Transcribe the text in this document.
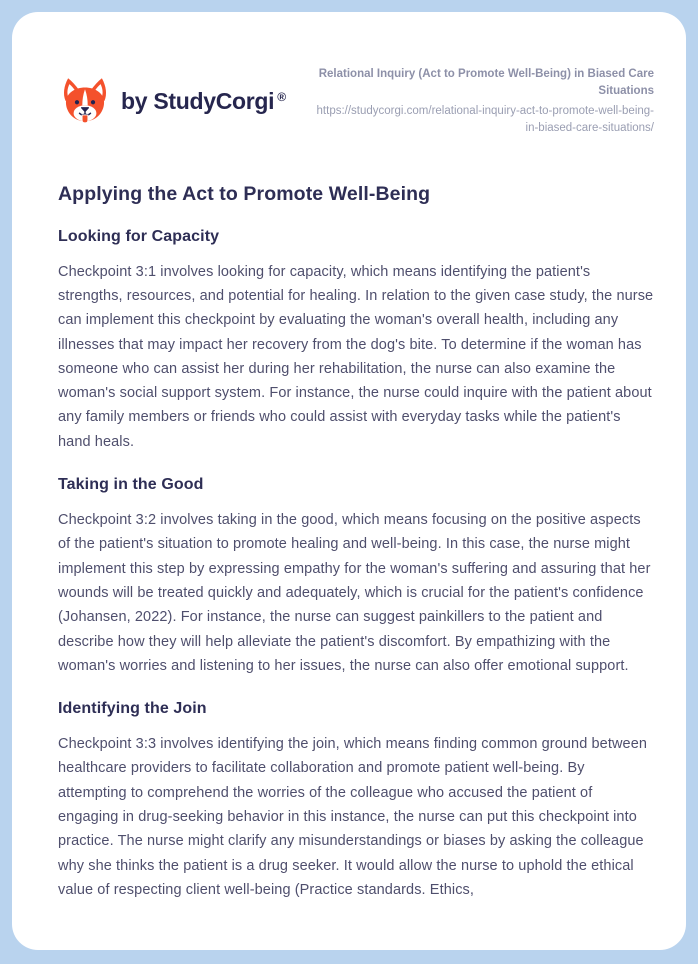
by StudyCorgi ®
Relational Inquiry (Act to Promote Well-Being) in Biased Care Situations
https://studycorgi.com/relational-inquiry-act-to-promote-well-being-in-biased-care-situations/
Applying the Act to Promote Well-Being
Looking for Capacity

Checkpoint 3:1 involves looking for capacity, which means identifying the patient's strengths, resources, and potential for healing. In relation to the given case study, the nurse can implement this checkpoint by evaluating the woman's overall health, including any illnesses that may impact her recovery from the dog's bite. To determine if the woman has someone who can assist her during her rehabilitation, the nurse can also examine the woman's social support system. For instance, the nurse could inquire with the patient about any family members or friends who could assist with everyday tasks while the patient's hand heals.

Taking in the Good

Checkpoint 3:2 involves taking in the good, which means focusing on the positive aspects of the patient's situation to promote healing and well-being. In this case, the nurse might implement this step by expressing empathy for the woman's suffering and assuring that her wounds will be treated quickly and adequately, which is crucial for the patient's confidence (Johansen, 2022). For instance, the nurse can suggest painkillers to the patient and describe how they will help alleviate the patient's discomfort. By empathizing with the woman's worries and listening to her issues, the nurse can also offer emotional support.

Identifying the Join

Checkpoint 3:3 involves identifying the join, which means finding common ground between healthcare providers to facilitate collaboration and promote patient well-being. By attempting to comprehend the worries of the colleague who accused the patient of engaging in drug-seeking behavior in this instance, the nurse can put this checkpoint into practice. The nurse might clarify any misunderstandings or biases by asking the colleague why she thinks the patient is a drug seeker. It would allow the nurse to uphold the ethical value of respecting client well-being (Practice standards. Ethics,
